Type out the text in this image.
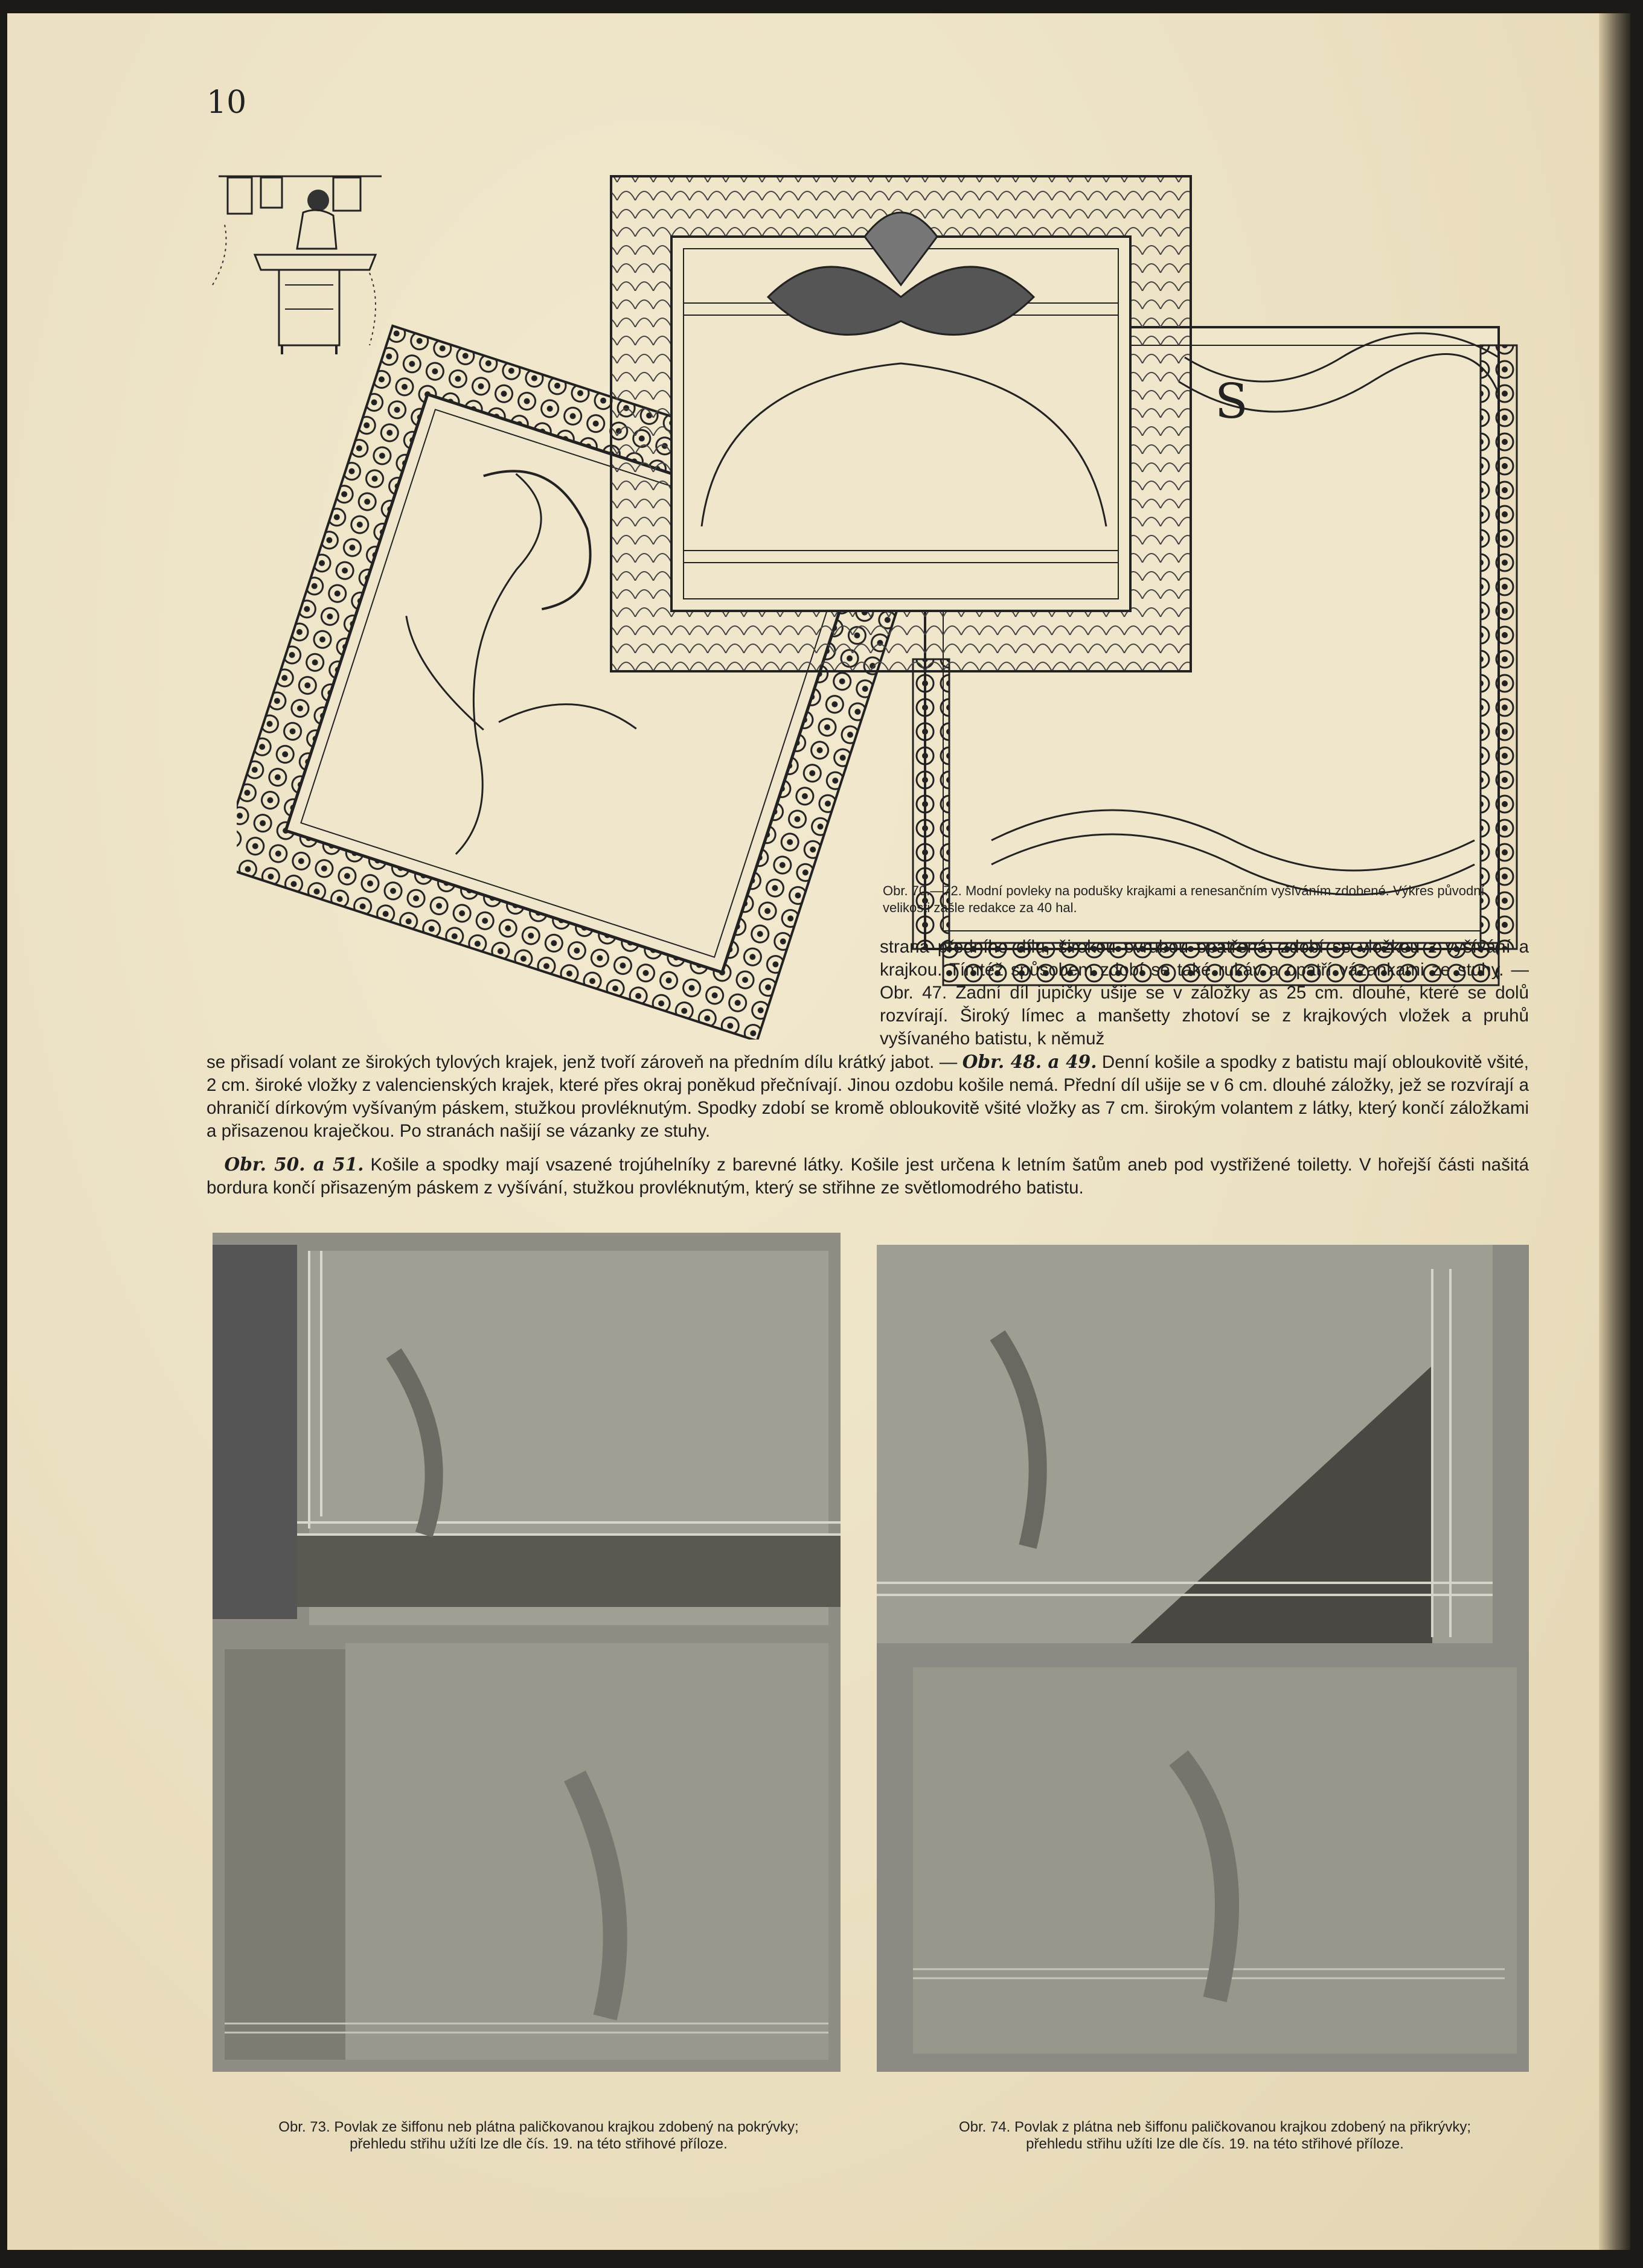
10
S
Obr. 70.—72. Modní povleky na podušky krajkami a renesančním vyšíváním zdobené. Výkres původní velikosti zašle redakce za 40 hal.

strana předního dílu, širokou ovrubou opatřená, zdobí se vložkou z vyšívání a krajkou. Tímtéž spůsobem zdobí se také rukáv a opatří vázankami ze stuhy. — Obr. 47. Zadní díl jupičky ušije se v záložky as 25 cm. dlouhé, které se dolů rozvírají. Široký límec a manšetty zhotoví se z krajkových vložek a pruhů vyšívaného batistu, k němuž

se přisadí volant ze širokých tylových krajek, jenž tvoří zároveň na předním dílu krátký jabot. — Obr. 48. a 49. Denní košile a spodky z batistu mají obloukovitě všité, 2 cm. široké vložky z valencienských krajek, které přes okraj poněkud přečnívají. Jinou ozdobu košile nemá. Přední díl ušije se v 6 cm. dlouhé záložky, jež se rozvírají a ohraničí dírkovým vyšívaným páskem, stužkou provléknutým. Spodky zdobí se kromě obloukovitě všité vložky as 7 cm. širokým volantem z látky, který končí záložkami a přisazenou kraječkou. Po stranách našijí se vázanky ze stuhy.

 Obr. 50. a 51. Košile a spodky mají vsazené trojúhelníky z barevné látky. Košile jest určena k letním šatům aneb pod vystřižené toiletty. V hořejší části našitá bordura končí přisazeným páskem z vyšívání, stužkou provléknutým, který se střihne ze světlomodrého batistu.

Obr. 73. Povlak ze šiffonu neb plátna paličkovanou krajkou zdobený na pokrývky;
přehledu střihu užíti lze dle čís. 19. na této střihové příloze.
Obr. 74. Povlak z plátna neb šiffonu paličkovanou krajkou zdobený na přikrývky;
přehledu střihu užíti lze dle čís. 19. na této střihové příloze.
